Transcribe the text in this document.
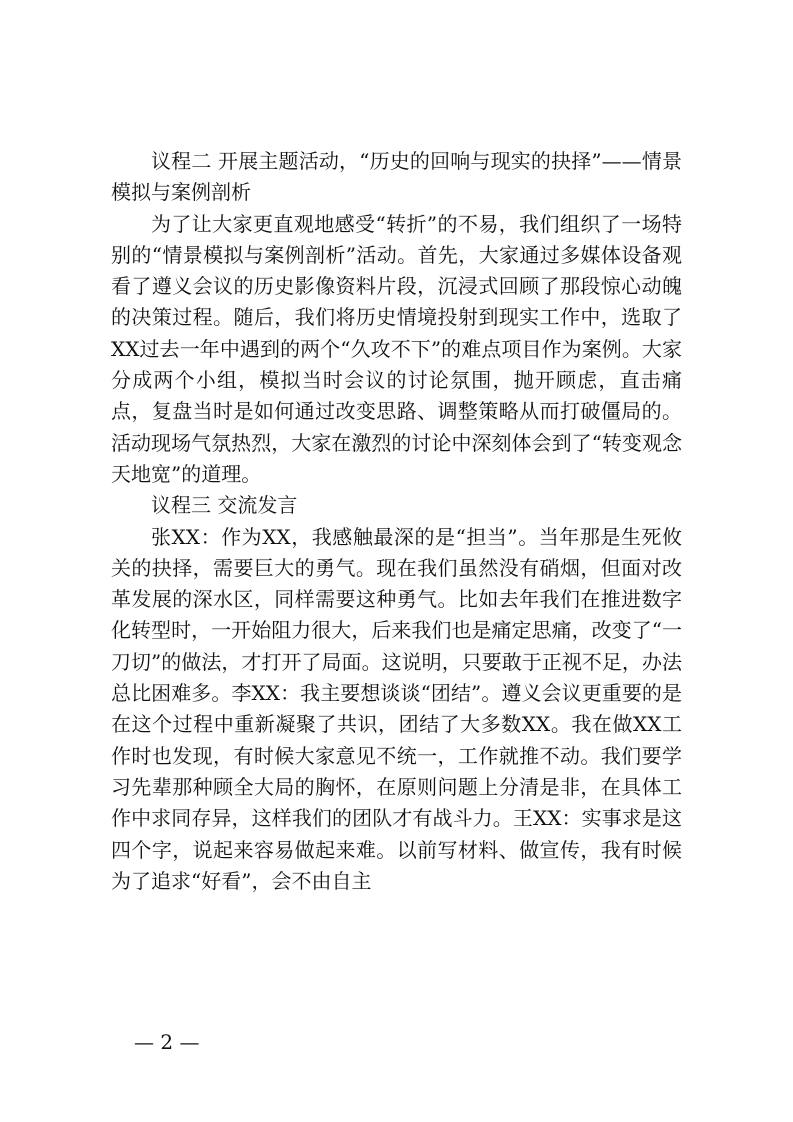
议程二 开展主题活动，“历史的回响与现实的抉择”——情景模拟与案例剖析

为了让大家更直观地感受“转折”的不易，我们组织了一场特别的“情景模拟与案例剖析”活动。首先，大家通过多媒体设备观看了遵义会议的历史影像资料片段，沉浸式回顾了那段惊心动魄的决策过程。随后，我们将历史情境投射到现实工作中，选取了XX过去一年中遇到的两个“久攻不下”的难点项目作为案例。大家分成两个小组，模拟当时会议的讨论氛围，抛开顾虑，直击痛点，复盘当时是如何通过改变思路、调整策略从而打破僵局的。活动现场气氛热烈，大家在激烈的讨论中深刻体会到了“转变观念天地宽”的道理。

议程三 交流发言

张XX：作为XX，我感触最深的是“担当”。当年那是生死攸关的抉择，需要巨大的勇气。现在我们虽然没有硝烟，但面对改革发展的深水区，同样需要这种勇气。比如去年我们在推进数字化转型时，一开始阻力很大，后来我们也是痛定思痛，改变了“一刀切”的做法，才打开了局面。这说明，只要敢于正视不足，办法总比困难多。李XX：我主要想谈谈“团结”。遵义会议更重要的是在这个过程中重新凝聚了共识，团结了大多数XX。我在做XX工作时也发现，有时候大家意见不统一，工作就推不动。我们要学习先辈那种顾全大局的胸怀，在原则问题上分清是非，在具体工作中求同存异，这样我们的团队才有战斗力。王XX：实事求是这四个字，说起来容易做起来难。以前写材料、做宣传，我有时候为了追求“好看”，会不由自主

— 2 —
